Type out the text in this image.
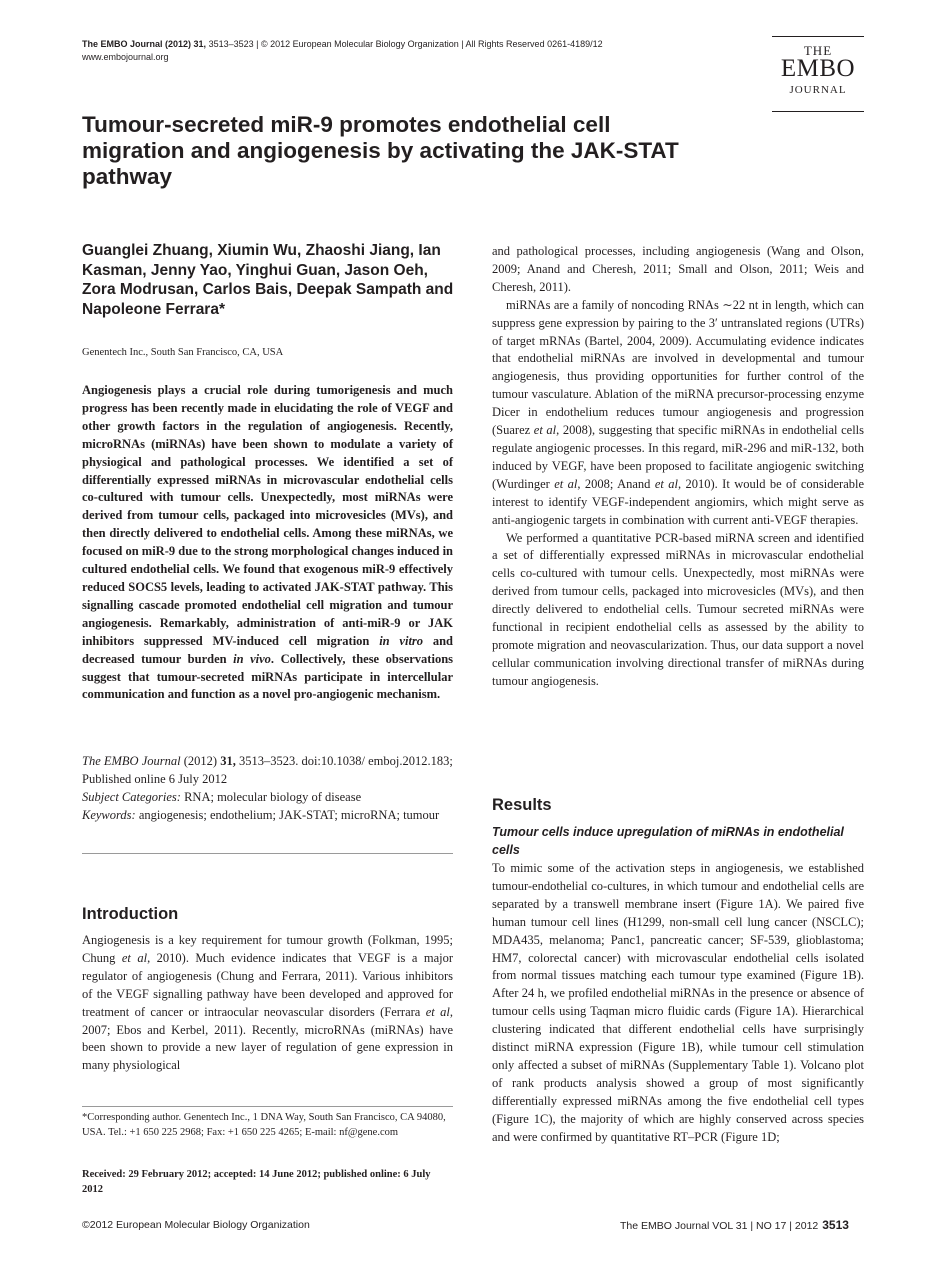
The EMBO Journal (2012) 31, 3513–3523 | © 2012 European Molecular Biology Organization | All Rights Reserved 0261-4189/12
www.embojournal.org	THE
EMBO
JOURNAL
Tumour-secreted miR-9 promotes endothelial cell migration and angiogenesis by activating the JAK-STAT pathway
Guanglei Zhuang, Xiumin Wu, Zhaoshi Jiang, Ian Kasman, Jenny Yao, Yinghui Guan, Jason Oeh, Zora Modrusan, Carlos Bais, Deepak Sampath and Napoleone Ferrara*
Genentech Inc., South San Francisco, CA, USA
Angiogenesis plays a crucial role during tumorigenesis and much progress has been recently made in elucidating the role of VEGF and other growth factors in the regulation of angiogenesis. Recently, microRNAs (miRNAs) have been shown to modulate a variety of physiogical and pathological processes. We identified a set of differentially expressed miRNAs in microvascular endothelial cells co-cultured with tumour cells. Unexpectedly, most miRNAs were derived from tumour cells, packaged into microvesicles (MVs), and then directly delivered to endothelial cells. Among these miRNAs, we focused on miR-9 due to the strong morphological changes induced in cultured endothelial cells. We found that exogenous miR-9 effectively reduced SOCS5 levels, leading to activated JAK-STAT pathway. This signalling cascade promoted endothelial cell migration and tumour angiogenesis. Remarkably, administration of anti-miR-9 or JAK inhibitors suppressed MV-induced cell migration in vitro and decreased tumour burden in vivo. Collectively, these observations suggest that tumour-secreted miRNAs participate in intercellular communication and function as a novel pro-angiogenic mechanism.
The EMBO Journal (2012) 31, 3513–3523. doi:10.1038/ emboj.2012.183; Published online 6 July 2012
Subject Categories: RNA; molecular biology of disease
Keywords: angiogenesis; endothelium; JAK-STAT; microRNA; tumour
Introduction
Angiogenesis is a key requirement for tumour growth (Folkman, 1995; Chung et al, 2010). Much evidence indicates that VEGF is a major regulator of angiogenesis (Chung and Ferrara, 2011). Various inhibitors of the VEGF signalling pathway have been developed and approved for treatment of cancer or intraocular neovascular disorders (Ferrara et al, 2007; Ebos and Kerbel, 2011). Recently, microRNAs (miRNAs) have been shown to provide a new layer of regulation of gene expression in many physiological
*Corresponding author. Genentech Inc., 1 DNA Way, South San Francisco, CA 94080, USA. Tel.: +1 650 225 2968; Fax: +1 650 225 4265; E-mail: nf@gene.com
Received: 29 February 2012; accepted: 14 June 2012; published online: 6 July 2012

and pathological processes, including angiogenesis (Wang and Olson, 2009; Anand and Cheresh, 2011; Small and Olson, 2011; Weis and Cheresh, 2011).

miRNAs are a family of noncoding RNAs ∼22 nt in length, which can suppress gene expression by pairing to the 3′ untranslated regions (UTRs) of target mRNAs (Bartel, 2004, 2009). Accumulating evidence indicates that endothelial miRNAs are involved in developmental and tumour angiogenesis, thus providing opportunities for further control of the tumour vasculature. Ablation of the miRNA precursor-processing enzyme Dicer in endothelium reduces tumour angiogenesis and progression (Suarez et al, 2008), suggesting that specific miRNAs in endothelial cells regulate angiogenic processes. In this regard, miR-296 and miR-132, both induced by VEGF, have been proposed to facilitate angiogenic switching (Wurdinger et al, 2008; Anand et al, 2010). It would be of considerable interest to identify VEGF-independent angiomirs, which might serve as anti-angiogenic targets in combination with current anti-VEGF therapies.

We performed a quantitative PCR-based miRNA screen and identified a set of differentially expressed miRNAs in microvascular endothelial cells co-cultured with tumour cells. Unexpectedly, most miRNAs were derived from tumour cells, packaged into microvesicles (MVs), and then directly delivered to endothelial cells. Tumour secreted miRNAs were functional in recipient endothelial cells as assessed by the ability to promote migration and neovascularization. Thus, our data support a novel cellular communication involving directional transfer of miRNAs during tumour angiogenesis.

Results
Tumour cells induce upregulation of miRNAs in endothelial cells
To mimic some of the activation steps in angiogenesis, we established tumour-endothelial co-cultures, in which tumour and endothelial cells are separated by a transwell membrane insert (Figure 1A). We paired five human tumour cell lines (H1299, non-small cell lung cancer (NSCLC); MDA435, melanoma; Panc1, pancreatic cancer; SF-539, glioblastoma; HM7, colorectal cancer) with microvascular endothelial cells isolated from normal tissues matching each tumour type examined (Figure 1B). After 24 h, we profiled endothelial miRNAs in the presence or absence of tumour cells using Taqman micro fluidic cards (Figure 1A). Hierarchical clustering indicated that different endothelial cells have surprisingly distinct miRNA expression (Figure 1B), while tumour cell stimulation only affected a subset of miRNAs (Supplementary Table 1). Volcano plot of rank products analysis showed a group of most significantly differentially expressed miRNAs among the five endothelial cell types (Figure 1C), the majority of which are highly conserved across species and were confirmed by quantitative RT–PCR (Figure 1D;
©2012 European Molecular Biology Organization	The EMBO Journal VOL 31 | NO 17 | 2012 3513
